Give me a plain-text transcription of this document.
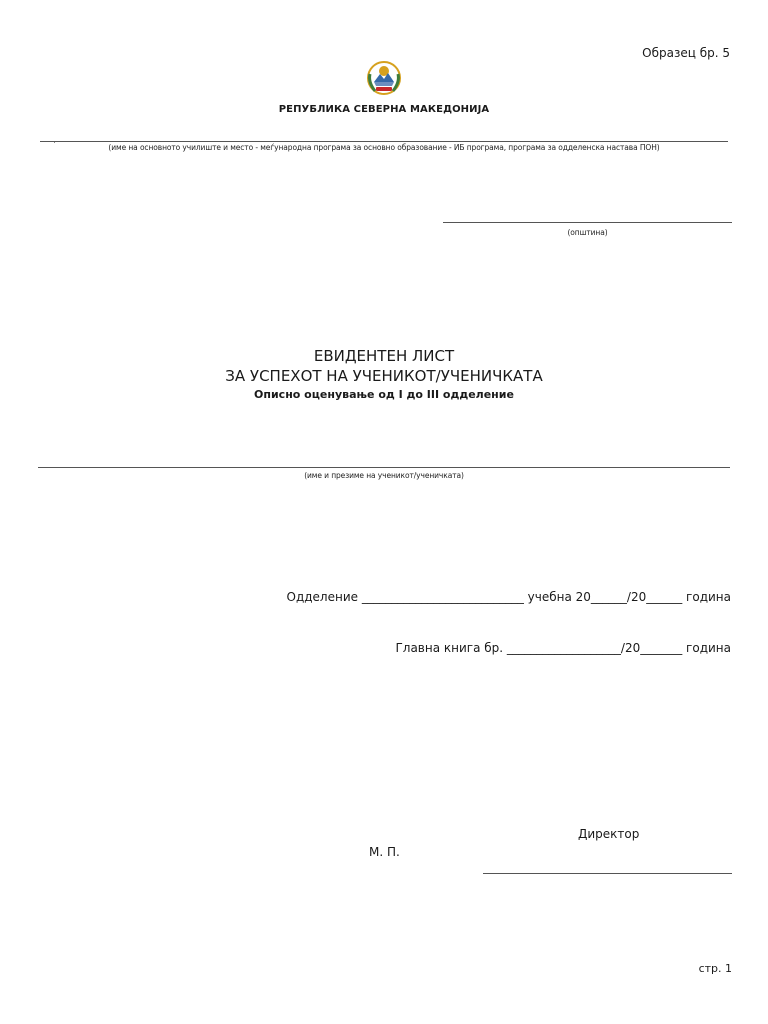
Образец бр. 5
РЕПУБЛИКА СЕВЕРНА МАКЕДОНИЈА
(име на основното училиште и место - меѓународна програма за основно образование - ИБ програма, програма за одделенска настава ПОН)
(општина)
ЕВИДЕНТЕН ЛИСТ
ЗА УСПЕХОТ НА УЧЕНИКОТ/УЧЕНИЧКАТА
Описно оценување од I до III одделение
(име и презиме на ученикот/ученичката)
Одделение ___________________________ учебна 20______/20______ година
Главна книга бр. ___________________/20_______ година
Директор
М. П.
стр. 1
